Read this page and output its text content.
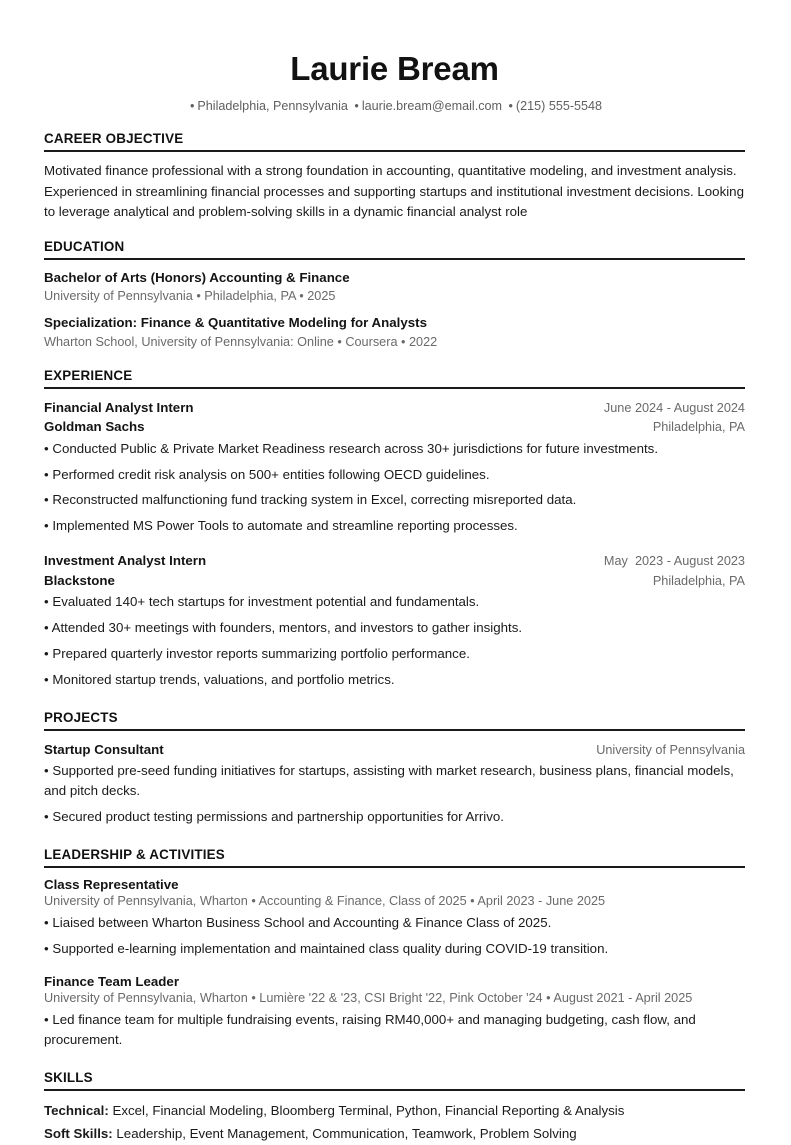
Laurie Bream
• Philadelphia, Pennsylvania • laurie.bream@email.com • (215) 555-5548
CAREER OBJECTIVE

Motivated finance professional with a strong foundation in accounting, quantitative modeling, and investment analysis. Experienced in streamlining financial processes and supporting startups and institutional investment decisions. Looking to leverage analytical and problem-solving skills in a dynamic financial analyst role

EDUCATION
Bachelor of Arts (Honors) Accounting & Finance
University of Pennsylvania • Philadelphia, PA • 2025
Specialization: Finance & Quantitative Modeling for Analysts
Wharton School, University of Pennsylvania: Online • Coursera • 2022
EXPERIENCE
Financial Analyst Intern	June 2024 - August 2024
Goldman Sachs	Philadelphia, PA

• Conducted Public & Private Market Readiness research across 30+ jurisdictions for future investments.

• Performed credit risk analysis on 500+ entities following OECD guidelines.

• Reconstructed malfunctioning fund tracking system in Excel, correcting misreported data.

• Implemented MS Power Tools to automate and streamline reporting processes.

Investment Analyst Intern	May  2023 - August 2023
Blackstone	Philadelphia, PA

• Evaluated 140+ tech startups for investment potential and fundamentals.

• Attended 30+ meetings with founders, mentors, and investors to gather insights.

• Prepared quarterly investor reports summarizing portfolio performance.

• Monitored startup trends, valuations, and portfolio metrics.

PROJECTS
Startup Consultant	University of Pennsylvania

• Supported pre-seed funding initiatives for startups, assisting with market research, business plans, financial models, and pitch decks.

• Secured product testing permissions and partnership opportunities for Arrivo.

LEADERSHIP & ACTIVITIES
Class Representative
University of Pennsylvania, Wharton • Accounting & Finance, Class of 2025 • April 2023 - June 2025

• Liaised between Wharton Business School and Accounting & Finance Class of 2025.

• Supported e-learning implementation and maintained class quality during COVID-19 transition.

Finance Team Leader
University of Pennsylvania, Wharton • Lumière '22 & '23, CSI Bright '22, Pink October '24 • August 2021 - April 2025

• Led finance team for multiple fundraising events, raising RM40,000+ and managing budgeting, cash flow, and procurement.

SKILLS
Technical: Excel, Financial Modeling, Bloomberg Terminal, Python, Financial Reporting & Analysis
Soft Skills: Leadership, Event Management, Communication, Teamwork, Problem Solving
